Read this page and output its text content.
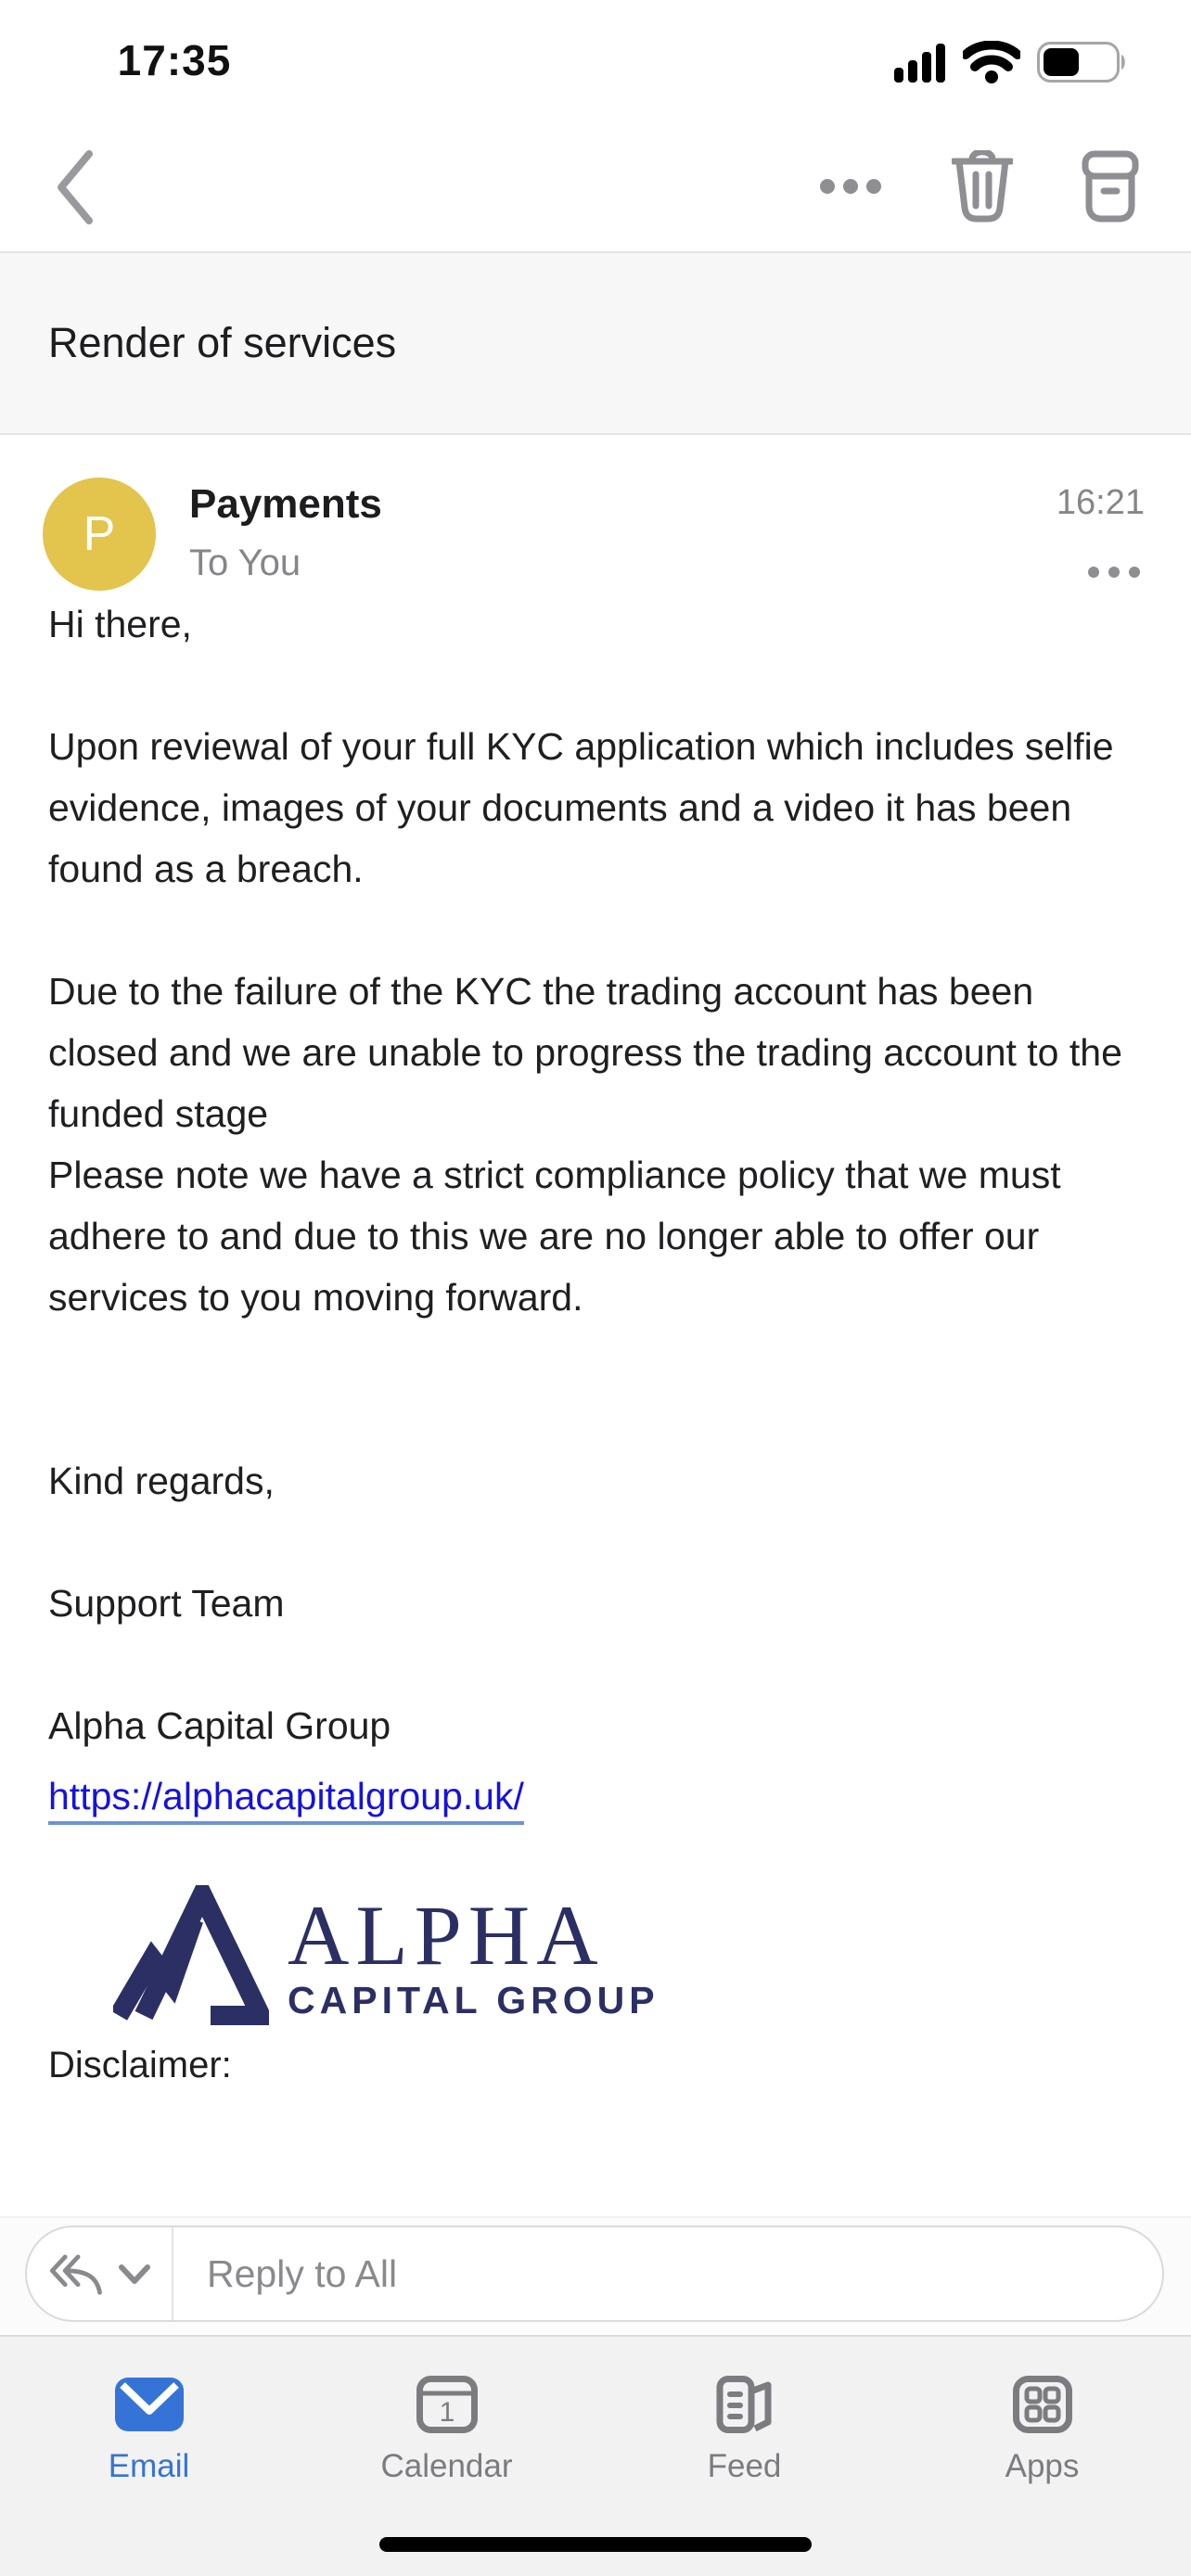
17:35
Render of services
P
Payments
To You
16:21

Hi there,

Upon reviewal of your full KYC application which includes selfie evidence, images of your documents and a video it has been found as a breach.

Due to the failure of the KYC the trading account has been closed and we are unable to progress the trading account to the funded stage

Please note we have a strict compliance policy that we must adhere to and due to this we are no longer able to offer our services to you moving forward.

Kind regards,

Support Team

Alpha Capital Group

https://alphacapitalgroup.uk/
ALPHA
CAPITAL GROUP

Disclaimer:

Reply to All
Email
1
Calendar	Feed	Apps
